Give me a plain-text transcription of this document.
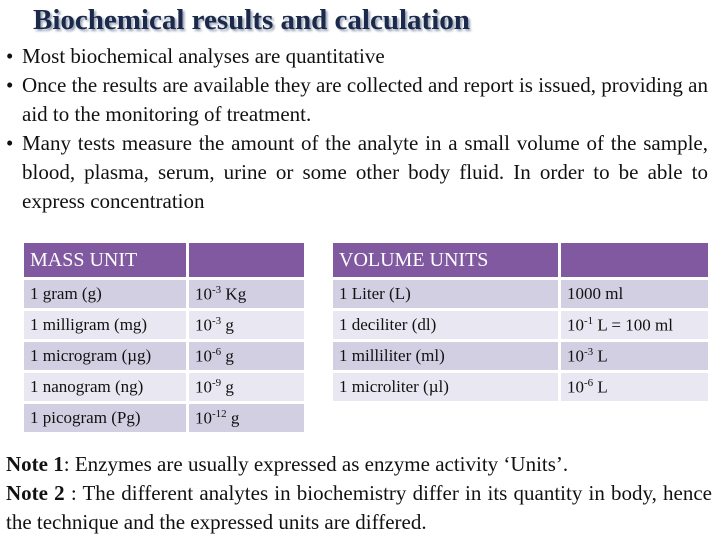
Biochemical results and calculation
• Most biochemical analyses are quantitative
• Once the results are available they are collected and report is issued, providing an aid to the monitoring of treatment.
• Many tests measure the amount of the analyte in a small volume of the sample, blood, plasma, serum, urine or some other body fluid. In order to be able to express concentration
MASS UNIT	
1 gram (g)	$10^{-3}$ Kg
1 milligram (mg)	$10^{-3}$ g
1 microgram (µg)	$10^{-6}$ g
1 nanogram (ng)	$10^{-9}$ g
1 picogram (Pg)	$10^{-12}$ g
VOLUME UNITS	
1 Liter (L)	1000 ml
1 deciliter (dl)	$10^{-1}$ L = 100 ml
1 milliliter (ml)	$10^{-3}$ L
1 microliter (µl)	$10^{-6}$ L
Note 1: Enzymes are usually expressed as enzyme activity ‘Units’.
Note 2 : The different analytes in biochemistry differ in its quantity in body, hence the technique and the expressed units are differed.
